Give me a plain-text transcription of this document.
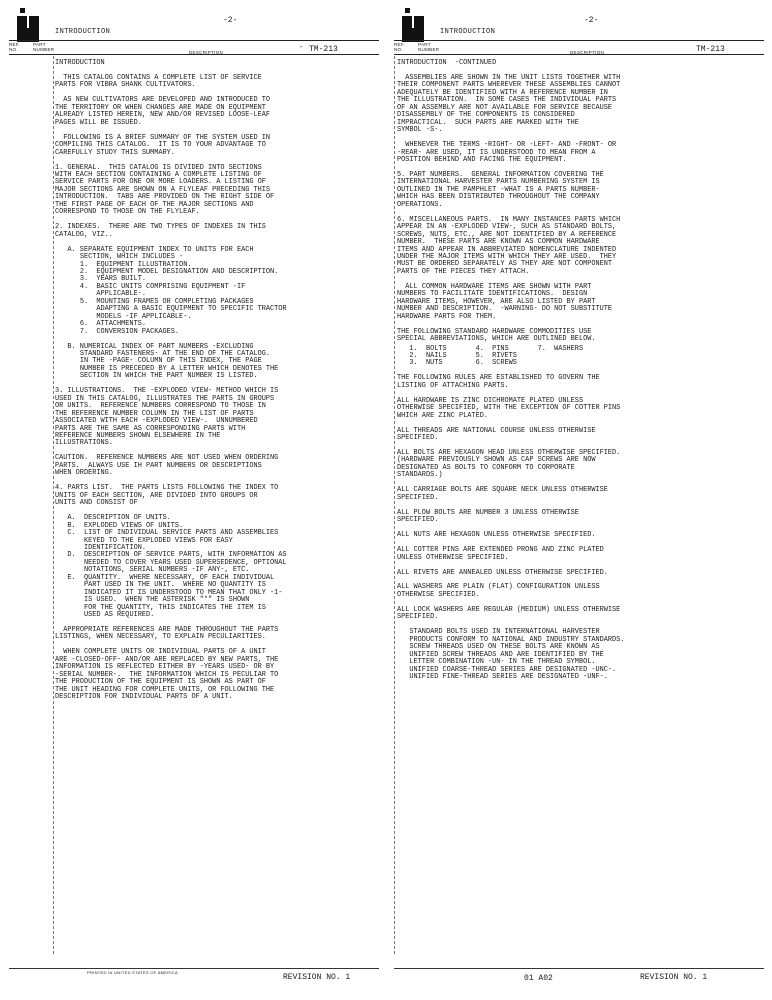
INTRODUCTION
-2-
REF.
NO.
PART
NUMBER
DESCRIPTION
- TM-213
INTRODUCTION
THIS CATALOG CONTAINS A COMPLETE LIST OF SERVICE
PARTS FOR VIBRA SHANK CULTIVATORS.
AS NEW CULTIVATORS ARE DEVELOPED AND INTRODUCED TO
THE TERRITORY OR WHEN CHANGES ARE MADE ON EQUIPMENT
ALREADY LISTED HEREIN, NEW AND/OR REVISED LOOSE-LEAF
PAGES WILL BE ISSUED.
FOLLOWING IS A BRIEF SUMMARY OF THE SYSTEM USED IN
COMPILING THIS CATALOG.  IT IS TO YOUR ADVANTAGE TO
CAREFULLY STUDY THIS SUMMARY.
1. GENERAL.  THIS CATALOG IS DIVIDED INTO SECTIONS
WITH EACH SECTION CONTAINING A COMPLETE LISTING OF
SERVICE PARTS FOR ONE OR MORE LOADERS. A LISTING OF
MAJOR SECTIONS ARE SHOWN ON A FLYLEAF PRECEDING THIS
INTRODUCTION.  TABS ARE PROVIDED ON THE RIGHT SIDE OF
THE FIRST PAGE OF EACH OF THE MAJOR SECTIONS AND
CORRESPOND TO THOSE ON THE FLYLEAF.
2. INDEXES.  THERE ARE TWO TYPES OF INDEXES IN THIS
CATALOG, VIZ..
A. SEPARATE EQUIPMENT INDEX TO UNITS FOR EACH
SECTION, WHICH INCLUDES -
1.  EQUIPMENT ILLUSTRATION.
2.  EQUIPMENT MODEL DESIGNATION AND DESCRIPTION.
3.  YEARS BUILT.
4.  BASIC UNITS COMPRISING EQUIPMENT -IF
APPLICABLE-.
5.  MOUNTING FRAMES OR COMPLETING PACKAGES
ADAPTING A BASIC EQUIPMENT TO SPECIFIC TRACTOR
MODELS -IF APPLICABLE-.
6.  ATTACHMENTS.
7.  CONVERSION PACKAGES.
B. NUMERICAL INDEX OF PART NUMBERS -EXCLUDING
STANDARD FASTENERS- AT THE END OF THE CATALOG.
IN THE -PAGE- COLUMN OF THIS INDEX, THE PAGE
NUMBER IS PRECEDED BY A LETTER WHICH DENOTES THE
SECTION IN WHICH THE PART NUMBER IS LISTED.
3. ILLUSTRATIONS.  THE -EXPLODED VIEW- METHOD WHICH IS
USED IN THIS CATALOG, ILLUSTRATES THE PARTS IN GROUPS
OR UNITS.  REFERENCE NUMBERS CORRESPOND TO THOSE IN
THE REFERENCE NUMBER COLUMN IN THE LIST OF PARTS
ASSOCIATED WITH EACH -EXPLODED VIEW-.  UNNUMBERED
PARTS ARE THE SAME AS CORRESPONDING PARTS WITH
REFERENCE NUMBERS SHOWN ELSEWHERE IN THE
ILLUSTRATIONS.
CAUTION.  REFERENCE NUMBERS ARE NOT USED WHEN ORDERING
PARTS.  ALWAYS USE IH PART NUMBERS OR DESCRIPTIONS
WHEN ORDERING.
4. PARTS LIST.  THE PARTS LISTS FOLLOWING THE INDEX TO
UNITS OF EACH SECTION, ARE DIVIDED INTO GROUPS OR
UNITS AND CONSIST OF
A.  DESCRIPTION OF UNITS.
B.  EXPLODED VIEWS OF UNITS.
C.  LIST OF INDIVIDUAL SERVICE PARTS AND ASSEMBLIES
KEYED TO THE EXPLODED VIEWS FOR EASY
IDENTIFICATION.
D.  DESCRIPTION OF SERVICE PARTS, WITH INFORMATION AS
NEEDED TO COVER YEARS USED SUPERSEDENCE, OPTIONAL
NOTATIONS, SERIAL NUMBERS -IF ANY-, ETC.
E.  QUANTITY.  WHERE NECESSARY, OF EACH INDIVIDUAL
PART USED IN THE UNIT.  WHERE NO QUANTITY IS
INDICATED IT IS UNDERSTOOD TO MEAN THAT ONLY -1-
IS USED.  WHEN THE ASTERISK "*" IS SHOWN
FOR THE QUANTITY, THIS INDICATES THE ITEM IS
USED AS REQUIRED.
APPROPRIATE REFERENCES ARE MADE THROUGHOUT THE PARTS
LISTINGS, WHEN NECESSARY, TO EXPLAIN PECULIARITIES.
WHEN COMPLETE UNITS OR INDIVIDUAL PARTS OF A UNIT
ARE -CLOSED-OFF- AND/OR ARE REPLACED BY NEW PARTS, THE
INFORMATION IS REFLECTED EITHER BY -YEARS USED- OR BY
-SERIAL NUMBER-.  THE INFORMATION WHICH IS PECULIAR TO
THE PRODUCTION OF THE EQUIPMENT IS SHOWN AS PART OF
THE UNIT HEADING FOR COMPLETE UNITS, OR FOLLOWING THE
DESCRIPTION FOR INDIVIDUAL PARTS OF A UNIT.
PRINTED IN UNITED STATES OF AMERICA
REVISION NO. 1
INTRODUCTION
-2-
REF.
NO.
PART
NUMBER
DESCRIPTION	TM-213
INTRODUCTION  -CONTINUED
ASSEMBLIES ARE SHOWN IN THE UNIT LISTS TOGETHER WITH
THEIR COMPONENT PARTS WHEREVER THESE ASSEMBLIES CANNOT
ADEQUATELY BE IDENTIFIED WITH A REFERENCE NUMBER IN
THE ILLUSTRATION.  IN SOME CASES THE INDIVIDUAL PARTS
OF AN ASSEMBLY ARE NOT AVAILABLE FOR SERVICE BECAUSE
DISASSEMBLY OF THE COMPONENTS IS CONSIDERED
IMPRACTICAL.  SUCH PARTS ARE MARKED WITH THE
SYMBOL -S-.
WHENEVER THE TERMS -RIGHT- OR -LEFT- AND -FRONT- OR
-REAR- ARE USED, IT IS UNDERSTOOD TO MEAN FROM A
POSITION BEHIND AND FACING THE EQUIPMENT.
5. PART NUMBERS.  GENERAL INFORMATION COVERING THE
INTERNATIONAL HARVESTER PARTS NUMBERING SYSTEM IS
OUTLINED IN THE PAMPHLET -WHAT IS A PARTS NUMBER-
WHICH HAS BEEN DISTRIBUTED THROUGHOUT THE COMPANY
OPERATIONS.
6. MISCELLANEOUS PARTS.  IN MANY INSTANCES PARTS WHICH
APPEAR IN AN -EXPLODED VIEW-, SUCH AS STANDARD BOLTS,
SCREWS, NUTS, ETC., ARE NOT IDENTIFIED BY A REFERENCE
NUMBER.  THESE PARTS ARE KNOWN AS COMMON HARDWARE
ITEMS AND APPEAR IN ABBREVIATED NOMENCLATURE INDENTED
UNDER THE MAJOR ITEMS WITH WHICH THEY ARE USED.  THEY
MUST BE ORDERED SEPARATELY AS THEY ARE NOT COMPONENT
PARTS OF THE PIECES THEY ATTACH.
ALL COMMON HARDWARE ITEMS ARE SHOWN WITH PART
NUMBERS TO FACILITATE IDENTIFICATIONS.  DESIGN
HARDWARE ITEMS, HOWEVER, ARE ALSO LISTED BY PART
NUMBER AND DESCRIPTION.  -WARNING- DO NOT SUBSTITUTE
HARDWARE PARTS FOR THEM.
THE FOLLOWING STANDARD HARDWARE COMMODITIES USE
SPECIAL ABBREVIATIONS, WHICH ARE OUTLINED BELOW.
1.  BOLTS       4.  PINS       7.  WASHERS
2.  NAILS       5.  RIVETS
3.  NUTS        6.  SCREWS
THE FOLLOWING RULES ARE ESTABLISHED TO GOVERN THE
LISTING OF ATTACHING PARTS.
ALL HARDWARE IS ZINC DICHROMATE PLATED UNLESS
OTHERWISE SPECIFIED, WITH THE EXCEPTION OF COTTER PINS
WHICH ARE ZINC PLATED.
ALL THREADS ARE NATIONAL COURSE UNLESS OTHERWISE
SPECIFIED.
ALL BOLTS ARE HEXAGON HEAD UNLESS OTHERWISE SPECIFIED.
(HARDWARE PREVIOUSLY SHOWN AS CAP SCREWS ARE NOW
DESIGNATED AS BOLTS TO CONFORM TO CORPORATE
STANDARDS.)
ALL CARRIAGE BOLTS ARE SQUARE NECK UNLESS OTHERWISE
SPECIFIED.
ALL PLOW BOLTS ARE NUMBER 3 UNLESS OTHERWISE
SPECIFIED.
ALL NUTS ARE HEXAGON UNLESS OTHERWISE SPECIFIED.
ALL COTTER PINS ARE EXTENDED PRONG AND ZINC PLATED
UNLESS OTHERWISE SPECIFIED.
ALL RIVETS ARE ANNEALED UNLESS OTHERWISE SPECIFIED.
ALL WASHERS ARE PLAIN (FLAT) CONFIGURATION UNLESS
OTHERWISE SPECIFIED.
ALL LOCK WASHERS ARE REGULAR (MEDIUM) UNLESS OTHERWISE
SPECIFIED.
STANDARD BOLTS USED IN INTERNATIONAL HARVESTER
PRODUCTS CONFORM TO NATIONAL AND INDUSTRY STANDARDS.
SCREW THREADS USED ON THESE BOLTS ARE KNOWN AS
UNIFIED SCREW THREADS AND ARE IDENTIFIED BY THE
LETTER COMBINATION -UN- IN THE THREAD SYMBOL.
UNIFIED COARSE-THREAD SERIES ARE DESIGNATED -UNC-.
UNIFIED FINE-THREAD SERIES ARE DESIGNATED -UNF-.
01 A02	REVISION NO. 1
